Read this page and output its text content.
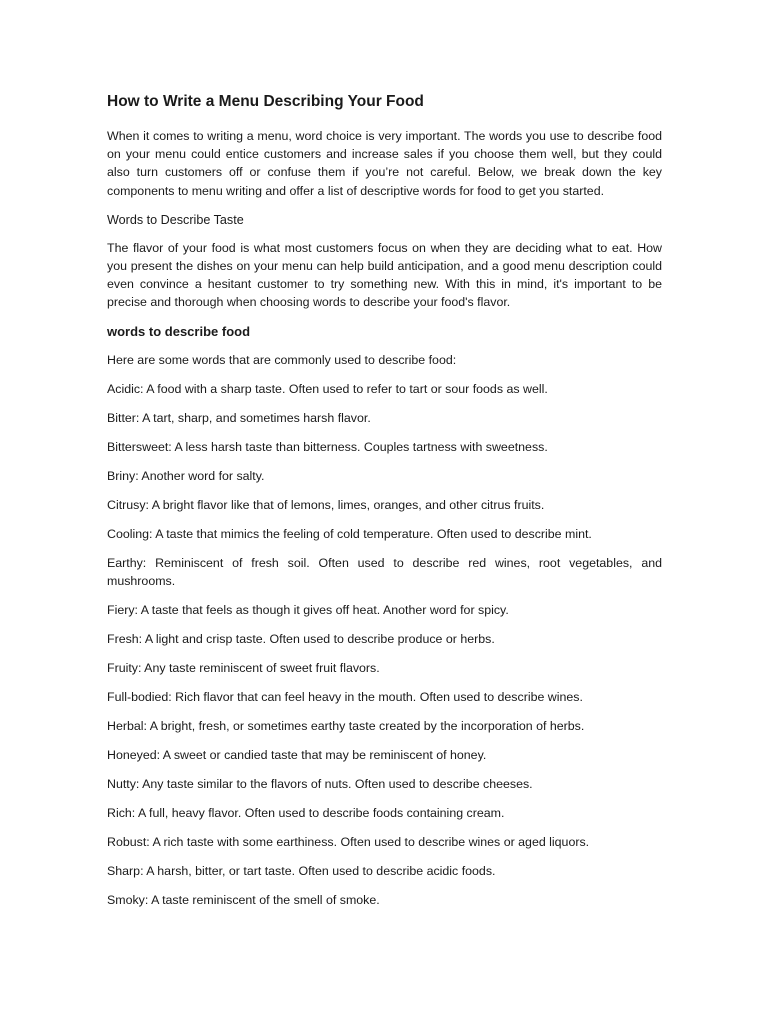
How to Write a Menu Describing Your Food

When it comes to writing a menu, word choice is very important. The words you use to describe food on your menu could entice customers and increase sales if you choose them well, but they could also turn customers off or confuse them if you’re not careful. Below, we break down the key components to menu writing and offer a list of descriptive words for food to get you started.

Words to Describe Taste

The flavor of your food is what most customers focus on when they are deciding what to eat. How you present the dishes on your menu can help build anticipation, and a good menu description could even convince a hesitant customer to try something new. With this in mind, it's important to be precise and thorough when choosing words to describe your food's flavor.

words to describe food

Here are some words that are commonly used to describe food:

Acidic: A food with a sharp taste. Often used to refer to tart or sour foods as well.
Bitter: A tart, sharp, and sometimes harsh flavor.
Bittersweet: A less harsh taste than bitterness. Couples tartness with sweetness.
Briny: Another word for salty.
Citrusy: A bright flavor like that of lemons, limes, oranges, and other citrus fruits.
Cooling: A taste that mimics the feeling of cold temperature. Often used to describe mint.
Earthy: Reminiscent of fresh soil. Often used to describe red wines, root vegetables, and mushrooms.
Fiery: A taste that feels as though it gives off heat. Another word for spicy.
Fresh: A light and crisp taste. Often used to describe produce or herbs.
Fruity: Any taste reminiscent of sweet fruit flavors.
Full-bodied: Rich flavor that can feel heavy in the mouth. Often used to describe wines.
Herbal: A bright, fresh, or sometimes earthy taste created by the incorporation of herbs.
Honeyed: A sweet or candied taste that may be reminiscent of honey.
Nutty: Any taste similar to the flavors of nuts. Often used to describe cheeses.
Rich: A full, heavy flavor. Often used to describe foods containing cream.
Robust: A rich taste with some earthiness. Often used to describe wines or aged liquors.
Sharp: A harsh, bitter, or tart taste. Often used to describe acidic foods.
Smoky: A taste reminiscent of the smell of smoke.
